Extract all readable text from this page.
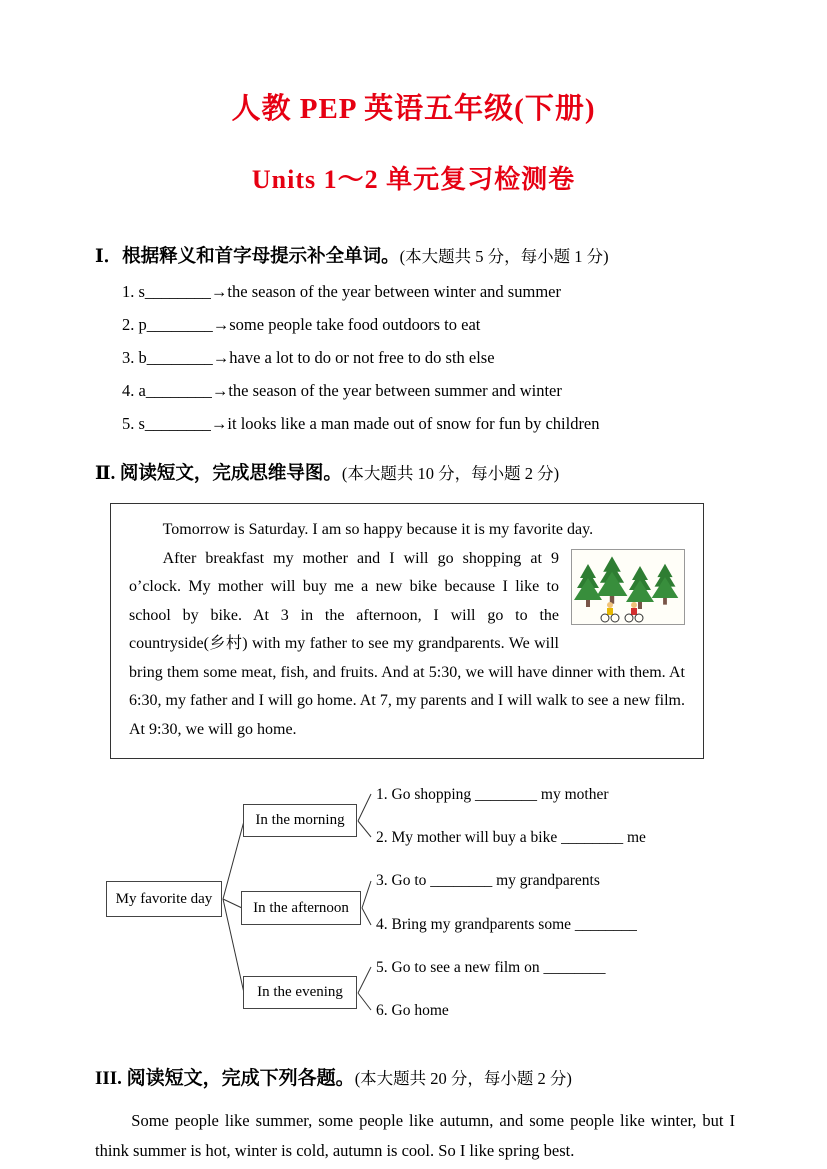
人教 PEP 英语五年级(下册)
Units 1～2 单元复习检测卷
Ⅰ．根据释义和首字母提示补全单词。(本大题共 5 分，每小题 1 分)
1. s________→the season of the year between winter and summer
2. p________→some people take food outdoors to eat
3. b________→have a lot to do or not free to do sth else
4. a________→the season of the year between summer and winter
5. s________→it looks like a man made out of snow for fun by children
Ⅱ. 阅读短文，完成思维导图。(本大题共 10 分，每小题 2 分)

Tomorrow is Saturday. I am so happy because it is my favorite day.

After breakfast my mother and I will go shopping at 9 o’clock. My mother will buy me a new bike because I like to school by bike. At 3 in the afternoon, I will go to the countryside(乡村) with my father to see my grandparents. We will bring them some meat, fish, and fruits. And at 5:30, we will have dinner with them. At 6:30, my father and I will go home. At 7, my parents and I will walk to see a new film. At 9:30, we will go home.

My favorite day
In the morning
In the afternoon
In the evening
1. Go shopping ________ my mother
2. My mother will buy a bike ________ me
3. Go to ________ my grandparents
4. Bring my grandparents some ________
5. Go to see a new film on ________
6. Go home
III. 阅读短文，完成下列各题。(本大题共 20 分，每小题 2 分)

Some people like summer, some people like autumn, and some people like winter, but I think summer is hot, winter is cold, autumn is cool. So I like spring best.
